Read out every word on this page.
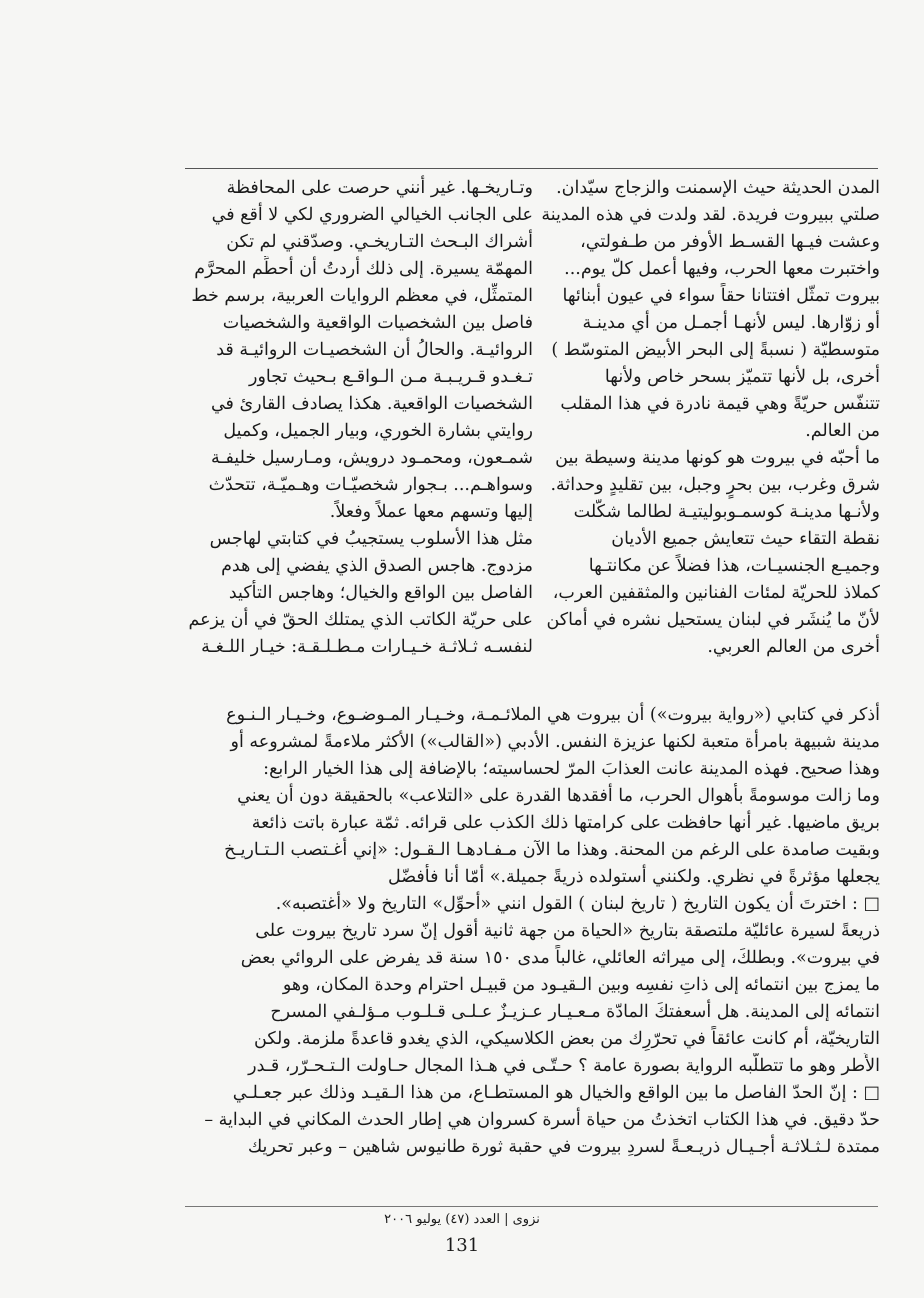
المدن الحديثة حيث الإسمنت والزجاج سيّدان.
صلتي ببيروت فريدة. لقد ولدت في هذه المدينة
وعشت فيـها القسـط الأوفر من طـفولتي،
واختبرت معها الحرب، وفيها أعمل كلّ يوم...
بيروت تمثّل افتتانا حقاً سواء في عيون أبنائها
أو زوّارها. ليس لأنهـا أجمـل من أي مدينـة
متوسطيّة ( نسبةً إلى البحر الأبيض المتوسّط )
أخرى، بل لأنها تتميّز بسحر خاص ولأنها
تتنفّس حريّةً وهي قيمة نادرة في هذا المقلب
من العالم.
ما أحبّه في بيروت هو كونها مدينة وسيطة بين
شرق وغرب، بين بحرٍ وجبل، بين تقليدٍ وحداثة.
ولأنـها مدينـة كوسمـوبوليتيـة لطالما شكّلت
نقطة التقاء حيث تتعايش جميع الأديان
وجميـع الجنسيـات، هذا فضلاً عن مكانتـها
كملاذ للحريّة لمئات الفنانين والمثقفين العرب،
لأنّ ما يُنشَر في لبنان يستحيل نشره في أماكن
أخرى من العالم العربي.
وتـاريخـها. غير أنني حرصت على المحافظة
على الجانب الخيالي الضروري لكي لا أقع في
أشراك البـحث التـاريخـي. وصدّقني لم تكن
المهمّة يسيرة. إلى ذلك أردتُ أن أحطِّم المحرَّم
المتمثِّل، في معظم الروايات العربية، برسم خط
فاصل بين الشخصيات الواقعية والشخصيات
الروائيـة. والحالُ أن الشخصيـات الروائيـة قد
تـغـدو قـريـبـة مـن الـواقـع بـحيث تجاور
الشخصيات الواقعية. هكذا يصادف القارئ في
روايتي بشارة الخوري، وبيار الجميل، وكميل
شمـعون، ومحمـود درويش، ومـارسيل خليفـة
وسواهـم... بـجوار شخصيّـات وهـميّـة، تتحدّث
إليها وتسهم معها عملاً وفعلاً.
مثل هذا الأسلوب يستجيبُ في كتابتي لهاجس
مزدوج. هاجس الصدق الذي يفضي إلى هدم
الفاصل بين الواقع والخيال؛ وهاجس التأكيد
على حريّة الكاتب الذي يمتلك الحقّ في أن يزعم
لنفسـه ثـلاثـة خـيـارات مـطـلـقـة: خيـار اللـغـة
أذكر في كتابي («رواية بيروت») أن بيروت هي الملائـمـة، وخـيـار المـوضـوع، وخـيـار الـنـوع
مدينة شبيهة بامرأة متعبة لكنها عزيزة النفس. الأدبي («القالب») الأكثر ملاءمةً لمشروعه أو
وهذا صحيح. فهذه المدينة عانت العذابَ المرّ لحساسيته؛ بالإضافة إلى هذا الخيار الرابع:
وما زالت موسومةً بأهوال الحرب، ما أفقدها القدرة على «التلاعب» بالحقيقة دون أن يعني
بريق ماضيها. غير أنها حافظت على كرامتها ذلك الكذب على قرائه. ثمّة عبارة باتت ذائعة
وبقيت صامدة على الرغم من المحنة. وهذا ما الآن مـفـادهـا الـقـول: «إني أغـتصب الـتـاريـخ
يجعلها مؤثرةً في نظري. ولكنني أستولده ذريةً جميلة.» أمّا أنا فأفضّل
□ : اخترتَ أن يكون التاريخ ( تاريخ لبنان ) القول انني «أحوِّل» التاريخ ولا «أغتصبه».
ذريعةً لسيرة عائليّة ملتصقة بتاريخ «الحياة من جهة ثانية أقول إنّ سرد تاريخ بيروت على
في بيروت». وبطلكَ، إلى ميراثه العائلي، غالباً مدى ١٥٠ سنة قد يفرض على الروائي بعض
ما يمزج بين انتمائه إلى ذاتِ نفسِه وبين الـقيـود من قبيـل احترام وحدة المكان، وهو
انتمائه إلى المدينة. هل أسعفتكَ المادّة مـعـيـار عـزيـزٌ عـلـى قـلـوب مـؤلـفي المسرح
التاريخيّة، أم كانت عائقاً في تحرّرِك من بعض الكلاسيكي، الذي يغدو قاعدةً ملزمة. ولكن
الأُطر وهو ما تتطلّبه الرواية بصورة عامة ؟ حـتّـى في هـذا المجال حـاولت الـتـحـرّر، قـدر
□ : إنّ الحدّ الفاصل ما بين الواقع والخيال هو المستطـاع، من هذا الـقيـد وذلك عبر جعـلـي
حدّ دقيق. في هذا الكتاب اتخذتُ من حياة أسرة كسروان هي إطار الحدث المكاني في البداية –
ممتدة لـثـلاثـة أجـيـال ذريـعـةً لسردِ بيروت في حقبة ثورة طانيوس شاهين – وعبر تحريك
نزوى | العدد (٤٧) يوليو ٢٠٠٦
131
